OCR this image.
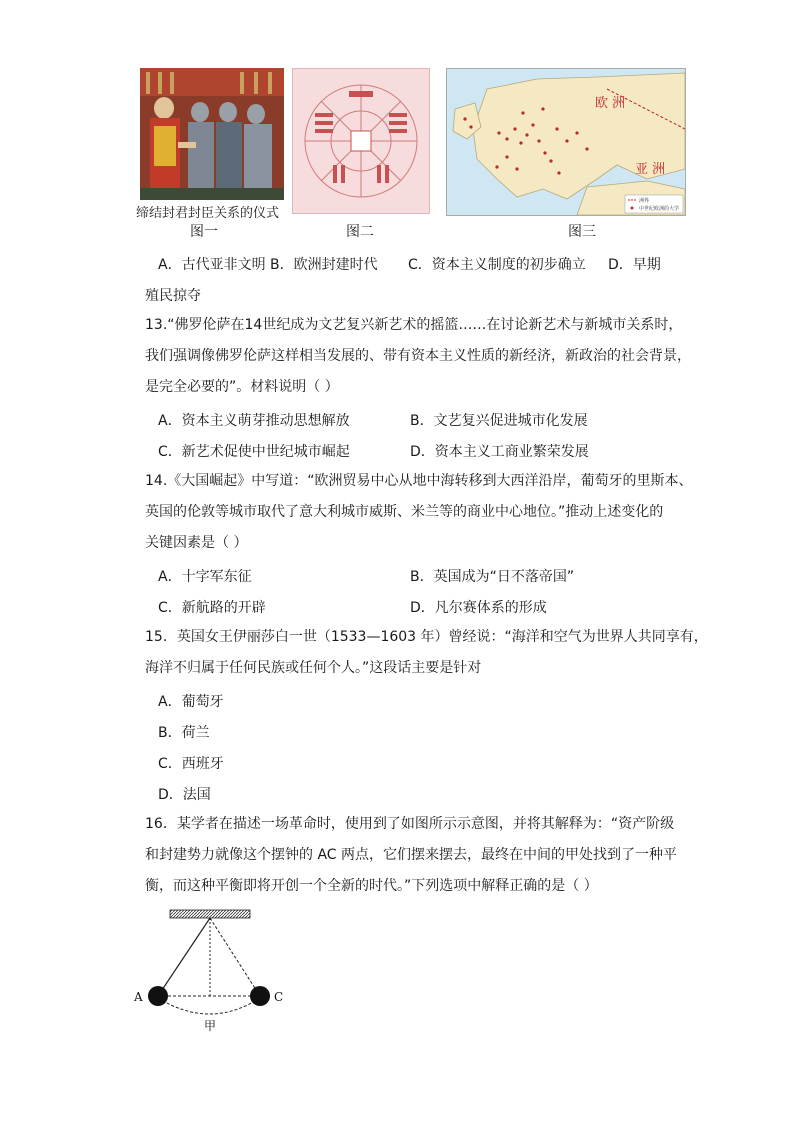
缔结封君封臣关系的仪式
图一	图二
欧 洲
亚 洲
洲界
中世纪欧洲的大学
图三
A．古代亚非文明 B．欧洲封建时代 C．资本主义制度的初步确立 D．早期
殖民掠夺
13.“佛罗伦萨在14世纪成为文艺复兴新艺术的摇篮……在讨论新艺术与新城市关系时，
我们强调像佛罗伦萨这样相当发展的、带有资本主义性质的新经济，新政治的社会背景，
是完全必要的”。材料说明（ ）
A．资本主义萌芽推动思想解放	B．文艺复兴促进城市化发展
C．新艺术促使中世纪城市崛起	D．资本主义工商业繁荣发展
14.《大国崛起》中写道：“欧洲贸易中心从地中海转移到大西洋沿岸，葡萄牙的里斯本、
英国的伦敦等城市取代了意大利城市威斯、米兰等的商业中心地位。”推动上述变化的
关键因素是（ ）
A．十字军东征	B．英国成为“日不落帝国”
C．新航路的开辟	D．凡尔赛体系的形成
15．英国女王伊丽莎白一世（1533—1603 年）曾经说：“海洋和空气为世界人共同享有，
海洋不归属于任何民族或任何个人。”这段话主要是针对
A．葡萄牙
B．荷兰
C．西班牙
D．法国
16．某学者在描述一场革命时，使用到了如图所示示意图，并将其解释为：“资产阶级
和封建势力就像这个摆钟的 AC 两点，它们摆来摆去，最终在中间的甲处找到了一种平
衡，而这种平衡即将开创一个全新的时代。”下列选项中解释正确的是（ ）
A	C
甲
